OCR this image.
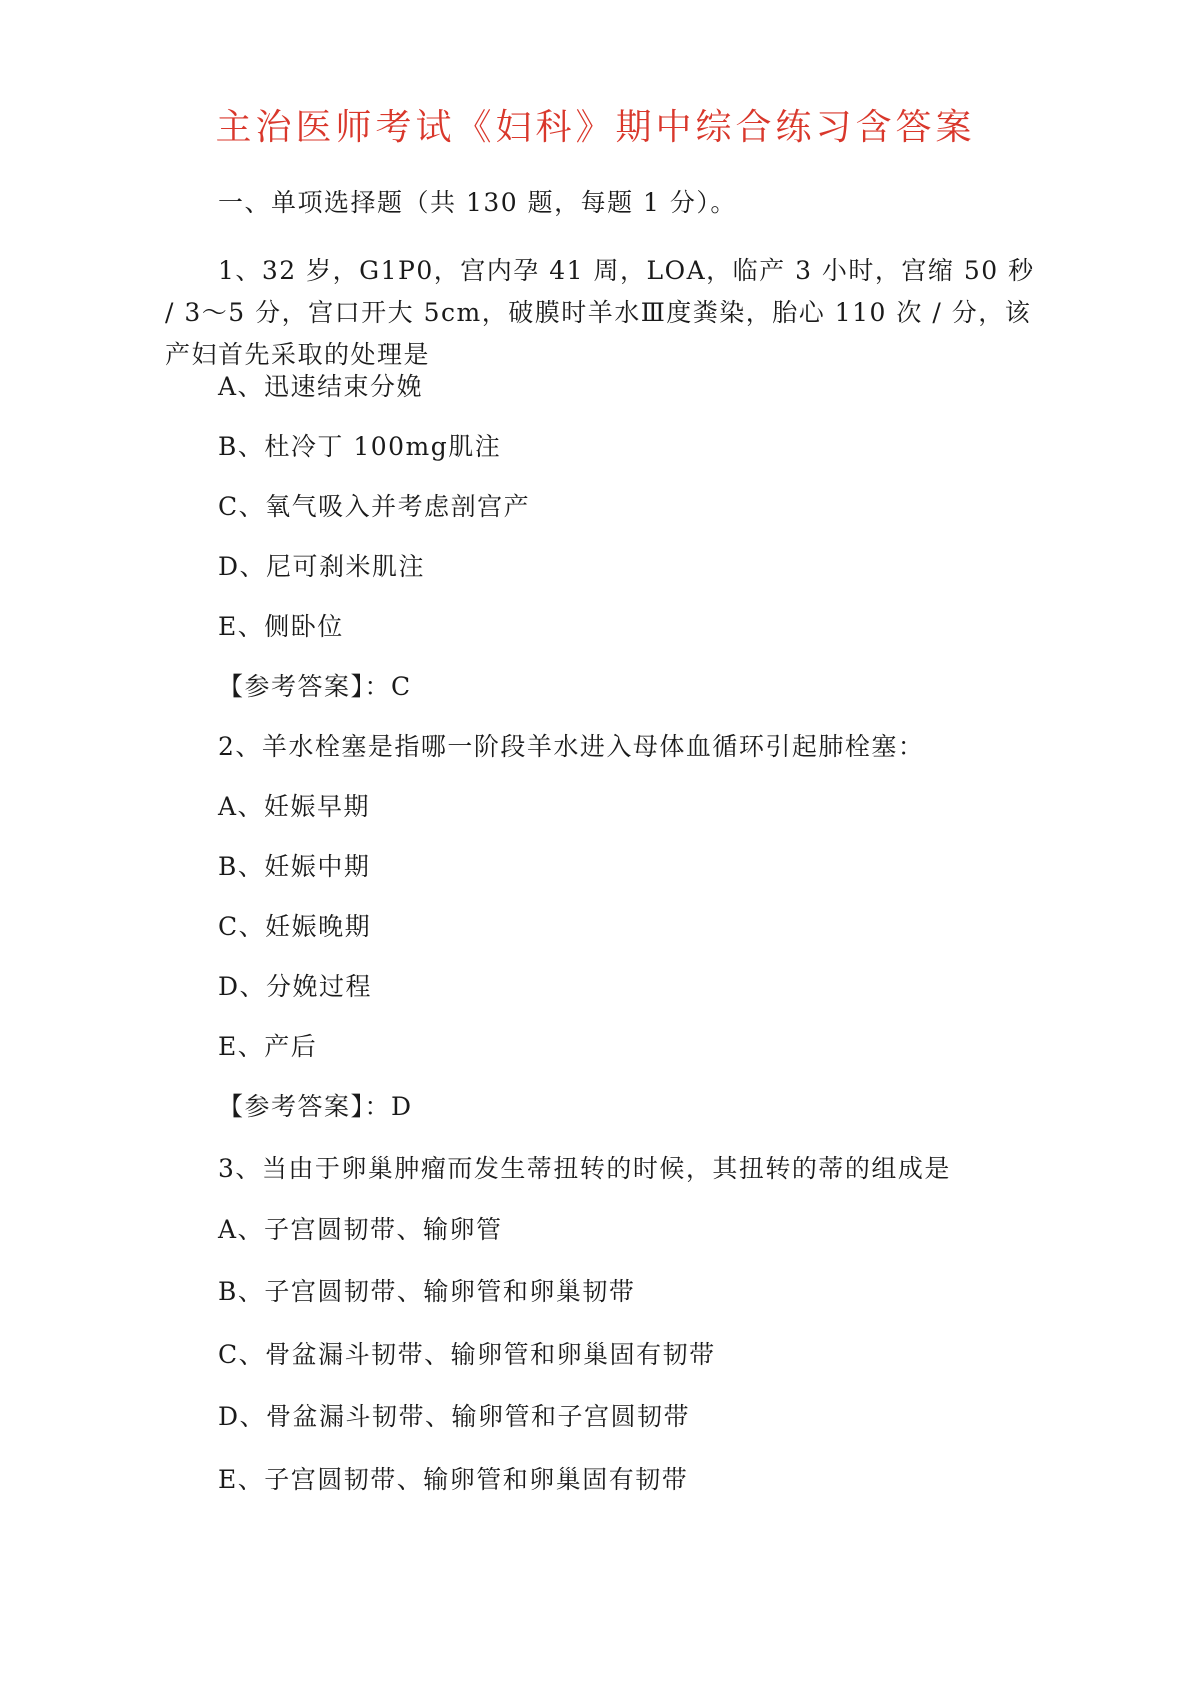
主治医师考试《妇科》期中综合练习含答案
一、单项选择题（共 130 题，每题 1 分）。
1、32 岁，G1P0，宫内孕 41 周，LOA，临产 3 小时，宫缩 50 秒 / 3～5 分，宫口开大 5cm，破膜时羊水Ⅲ度粪染，胎心 110 次 / 分，该产妇首先采取的处理是
A、迅速结束分娩
B、杜冷丁 100mg肌注
C、氧气吸入并考虑剖宫产
D、尼可刹米肌注
E、侧卧位
【参考答案】：C
2、羊水栓塞是指哪一阶段羊水进入母体血循环引起肺栓塞：
A、妊娠早期
B、妊娠中期
C、妊娠晚期
D、分娩过程
E、产后
【参考答案】：D
3、当由于卵巢肿瘤而发生蒂扭转的时候，其扭转的蒂的组成是
A、子宫圆韧带、输卵管
B、子宫圆韧带、输卵管和卵巢韧带
C、骨盆漏斗韧带、输卵管和卵巢固有韧带
D、骨盆漏斗韧带、输卵管和子宫圆韧带
E、子宫圆韧带、输卵管和卵巢固有韧带
